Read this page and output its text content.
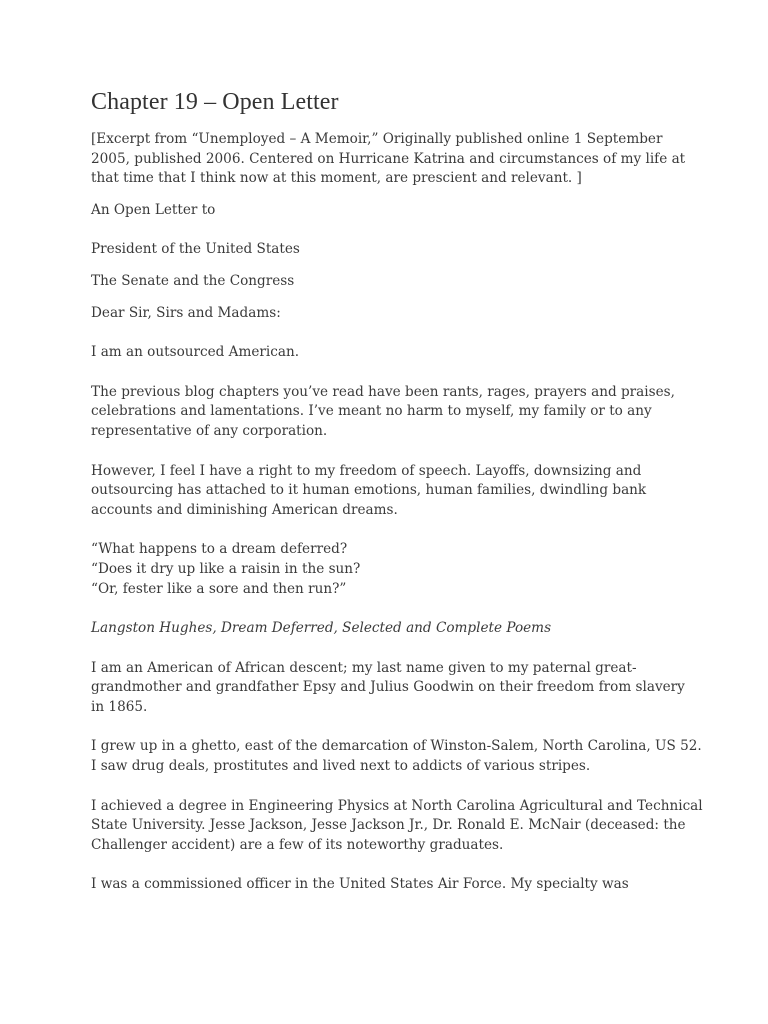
Chapter 19 – Open Letter
[Excerpt from “Unemployed – A Memoir,” Originally published online 1 September
2005, published 2006. Centered on Hurricane Katrina and circumstances of my life at
that time that I think now at this moment, are prescient and relevant. ]

An Open Letter to

President of the United States

The Senate and the Congress

Dear Sir, Sirs and Madams:

I am an outsourced American.

The previous blog chapters you’ve read have been rants, rages, prayers and praises,
celebrations and lamentations. I’ve meant no harm to myself, my family or to any
representative of any corporation.
However, I feel I have a right to my freedom of speech. Layoffs, downsizing and
outsourcing has attached to it human emotions, human families, dwindling bank
accounts and diminishing American dreams.
“What happens to a dream deferred?
“Does it dry up like a raisin in the sun?
“Or, fester like a sore and then run?”

Langston Hughes, Dream Deferred, Selected and Complete Poems

I am an American of African descent; my last name given to my paternal great-
grandmother and grandfather Epsy and Julius Goodwin on their freedom from slavery
in 1865.
I grew up in a ghetto, east of the demarcation of Winston-Salem, North Carolina, US 52.
I saw drug deals, prostitutes and lived next to addicts of various stripes.
I achieved a degree in Engineering Physics at North Carolina Agricultural and Technical
State University. Jesse Jackson, Jesse Jackson Jr., Dr. Ronald E. McNair (deceased: the
Challenger accident) are a few of its noteworthy graduates.
I was a commissioned officer in the United States Air Force. My specialty was
